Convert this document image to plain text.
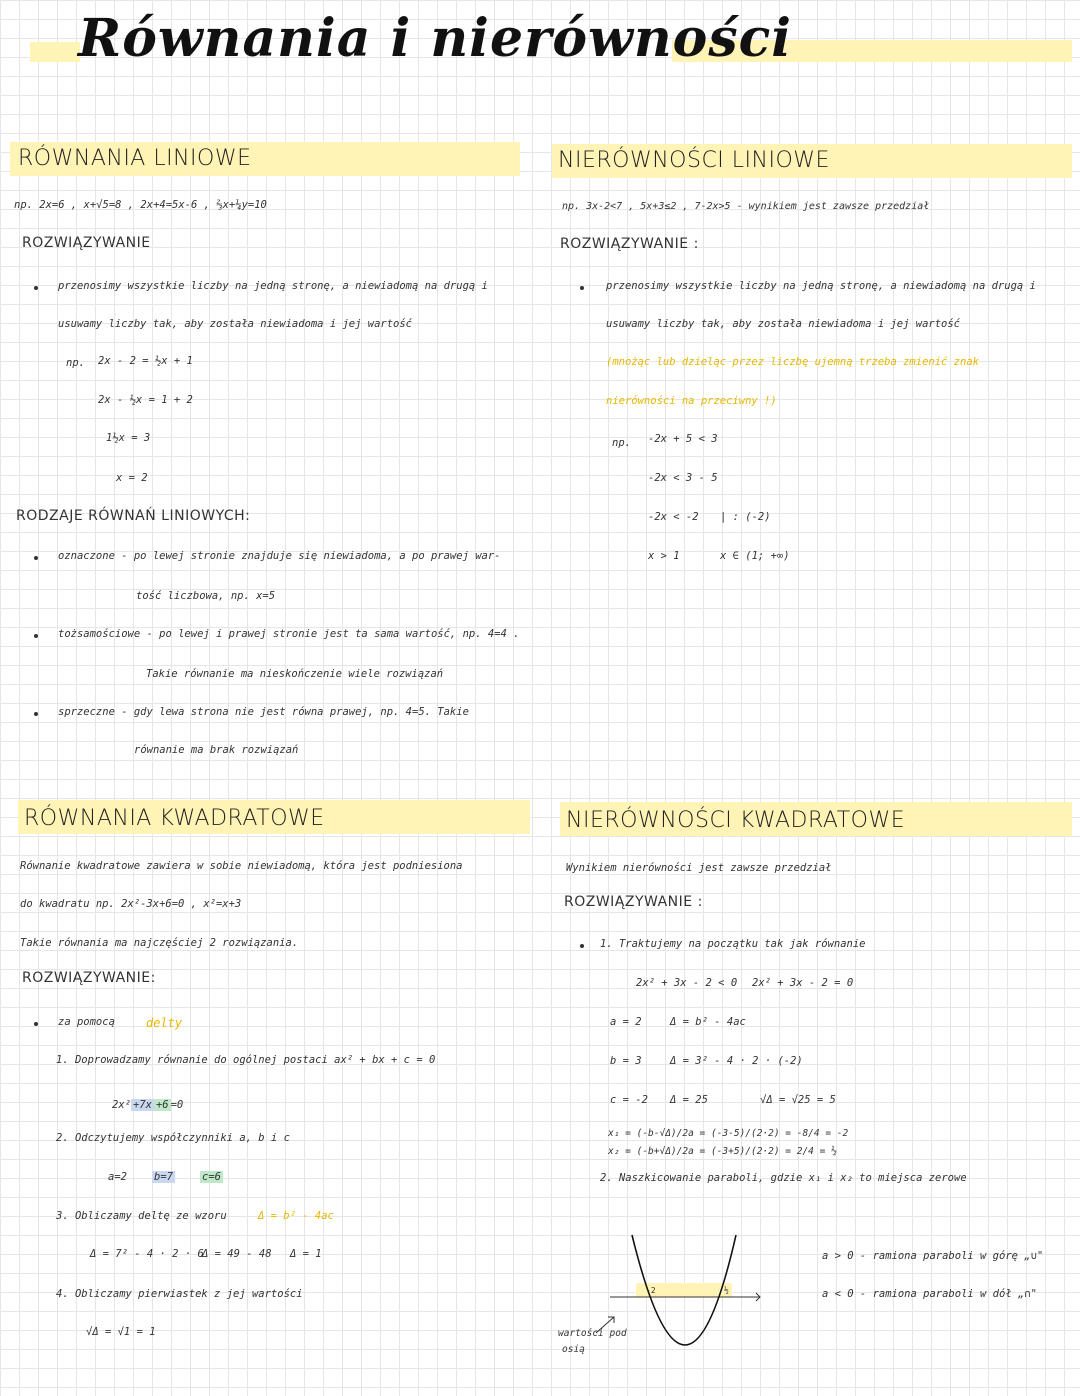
Równania i nierówności
RÓWNANIA LINIOWE
np. 2x=6 , x+√5=8 , 2x+4=5x-6 , ⅔x+¼y=10
ROZWIĄZYWANIE
przenosimy wszystkie liczby na jedną stronę, a niewiadomą na drugą i
usuwamy liczby tak, aby została niewiadoma i jej wartość
np. 2x - 2 = ½x + 1
2x - ½x = 1 + 2
1½x = 3
x = 2
RODZAJE RÓWNAŃ LINIOWYCH:
oznaczone - po lewej stronie znajduje się niewiadoma, a po prawej war-
tość liczbowa, np. x=5
tożsamościowe - po lewej i prawej stronie jest ta sama wartość, np. 4=4 .
Takie równanie ma nieskończenie wiele rozwiązań
sprzeczne - gdy lewa strona nie jest równa prawej, np. 4=5. Takie
równanie ma brak rozwiązań
NIERÓWNOŚCI LINIOWE
np. 3x-2<7 , 5x+3≤2 , 7-2x>5 - wynikiem jest zawsze przedział
ROZWIĄZYWANIE :
przenosimy wszystkie liczby na jedną stronę, a niewiadomą na drugą i
usuwamy liczby tak, aby została niewiadoma i jej wartość
(mnożąc lub dzieląc przez liczbę ujemną trzeba zmienić znak
nierówności na przeciwny !)
np. -2x + 5 < 3
-2x < 3 - 5
-2x < -2 | : (-2)
x > 1	x ∈ (1; +∞)
RÓWNANIA KWADRATOWE
Równanie kwadratowe zawiera w sobie niewiadomą, która jest podniesiona
do kwadratu np. 2x²-3x+6=0 , x²=x+3
Takie równania ma najczęściej 2 rozwiązania.
ROZWIĄZYWANIE:
za pomocą	delty
1. Doprowadzamy równanie do ogólnej postaci ax² + bx + c = 0
2x² +7x +6 =0
2. Odczytujemy współczynniki a, b i c
a=2	b=7	c=6
3. Obliczamy deltę ze wzoru	Δ = b² - 4ac
Δ = 7² - 4 · 2 · 6
Δ = 49 - 48 Δ = 1
4. Obliczamy pierwiastek z jej wartości
√Δ = √1 = 1
NIERÓWNOŚCI KWADRATOWE
Wynikiem nierówności jest zawsze przedział
ROZWIĄZYWANIE :
1. Traktujemy na początku tak jak równanie
2x² + 3x - 2 < 0 2x² + 3x - 2 = 0
a = 2	Δ = b² - 4ac
b = 3	Δ = 3² - 4 · 2 · (-2)
c = -2 Δ = 25	√Δ = √25 = 5
x₁ = (-b-√Δ)/2a = (-3-5)/(2·2) = -8/4 = -2
x₂ = (-b+√Δ)/2a = (-3+5)/(2·2) = 2/4 = ½
2. Naszkicowanie paraboli, gdzie x₁ i x₂ to miejsca zerowe
-2	½
wartości pod
osią
a > 0 - ramiona paraboli w górę „∪"
a < 0 - ramiona paraboli w dół „∩"
